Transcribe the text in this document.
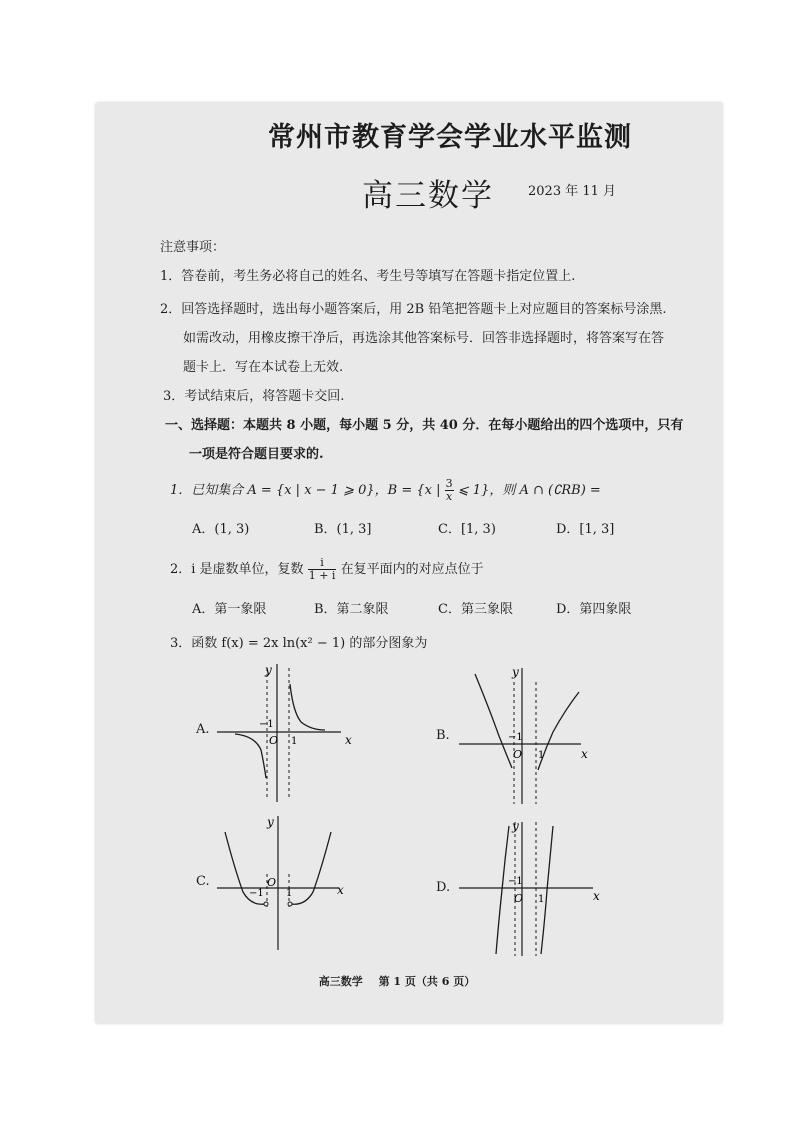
常州市教育学会学业水平监测
高三数学	2023 年 11 月
注意事项：
1．答卷前，考生务必将自己的姓名、考生号等填写在答题卡指定位置上.
2．回答选择题时，选出每小题答案后，用 2B 铅笔把答题卡上对应题目的答案标号涂黑.
如需改动，用橡皮擦干净后，再选涂其他答案标号．回答非选择题时，将答案写在答
题卡上．写在本试卷上无效.
3．考试结束后，将答题卡交回.
一、选择题：本题共 8 小题，每小题 5 分，共 40 分．在每小题给出的四个选项中，只有
一项是符合题目要求的.
1．已知集合 A = {x | x − 1 ⩾ 0}，B = {x | $\frac{3}{x}$ ⩽ 1}，则 A ∩ (∁RB) =
A．(1, 3)	B．(1, 3]	C．[1, 3)	D．[1, 3]
2．i 是虚数单位，复数 $\frac{i}{1 + i}$ 在复平面内的对应点位于
A．第一象限	B．第二象限	C．第三象限	D．第四象限
3．函数 f(x) = 2x ln(x² − 1) 的部分图象为
A.	B.
C.	D.
x
y
O
−1
1
x
y
O
−1
1
x
y
O
−1 1	x
y
O
−1
1
高三数学 第 1 页（共 6 页）
